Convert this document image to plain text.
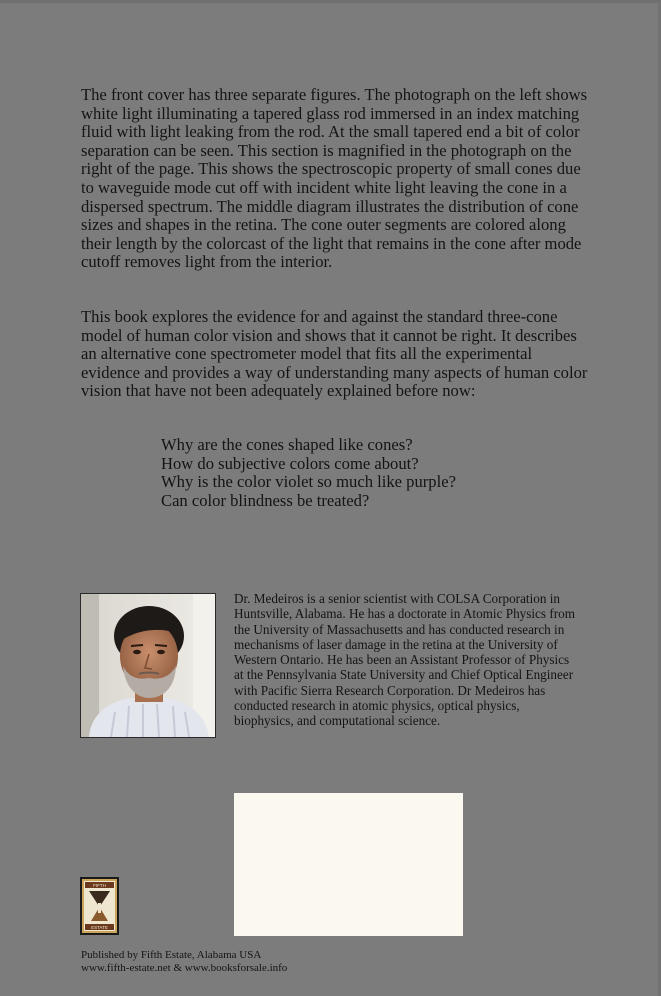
The front cover has three separate figures. The photograph on the left shows white light illuminating a tapered glass rod immersed in an index matching fluid with light leaking from the rod. At the small tapered end a bit of color separation can be seen. This section is magnified in the photograph on the right of the page. This shows the spectroscopic property of small cones due to waveguide mode cut off with incident white light leaving the cone in a dispersed spectrum. The middle diagram illustrates the distribution of cone sizes and shapes in the retina. The cone outer segments are colored along their length by the colorcast of the light that remains in the cone after mode cutoff removes light from the interior.

This book explores the evidence for and against the standard three-cone model of human color vision and shows that it cannot be right. It describes an alternative cone spectrometer model that fits all the experimental evidence and provides a way of understanding many aspects of human color vision that have not been adequately explained before now:

Why are the cones shaped like cones?
How do subjective colors come about?
Why is the color violet so much like purple?
Can color blindness be treated?

Dr. Medeiros is a senior scientist with COLSA Corporation in Huntsville, Alabama. He has a doctorate in Atomic Physics from the University of Massachusetts and has conducted research in mechanisms of laser damage in the retina at the University of Western Ontario. He has been an Assistant Professor of Physics at the Pennsylvania State University and Chief Optical Engineer with Pacific Sierra Research Corporation. Dr Medeiros has conducted research in atomic physics, optical physics, biophysics, and computational science.

FIFTH
ESTATE
Published by Fifth Estate, Alabama USA
www.fifth-estate.net & www.booksforsale.info
